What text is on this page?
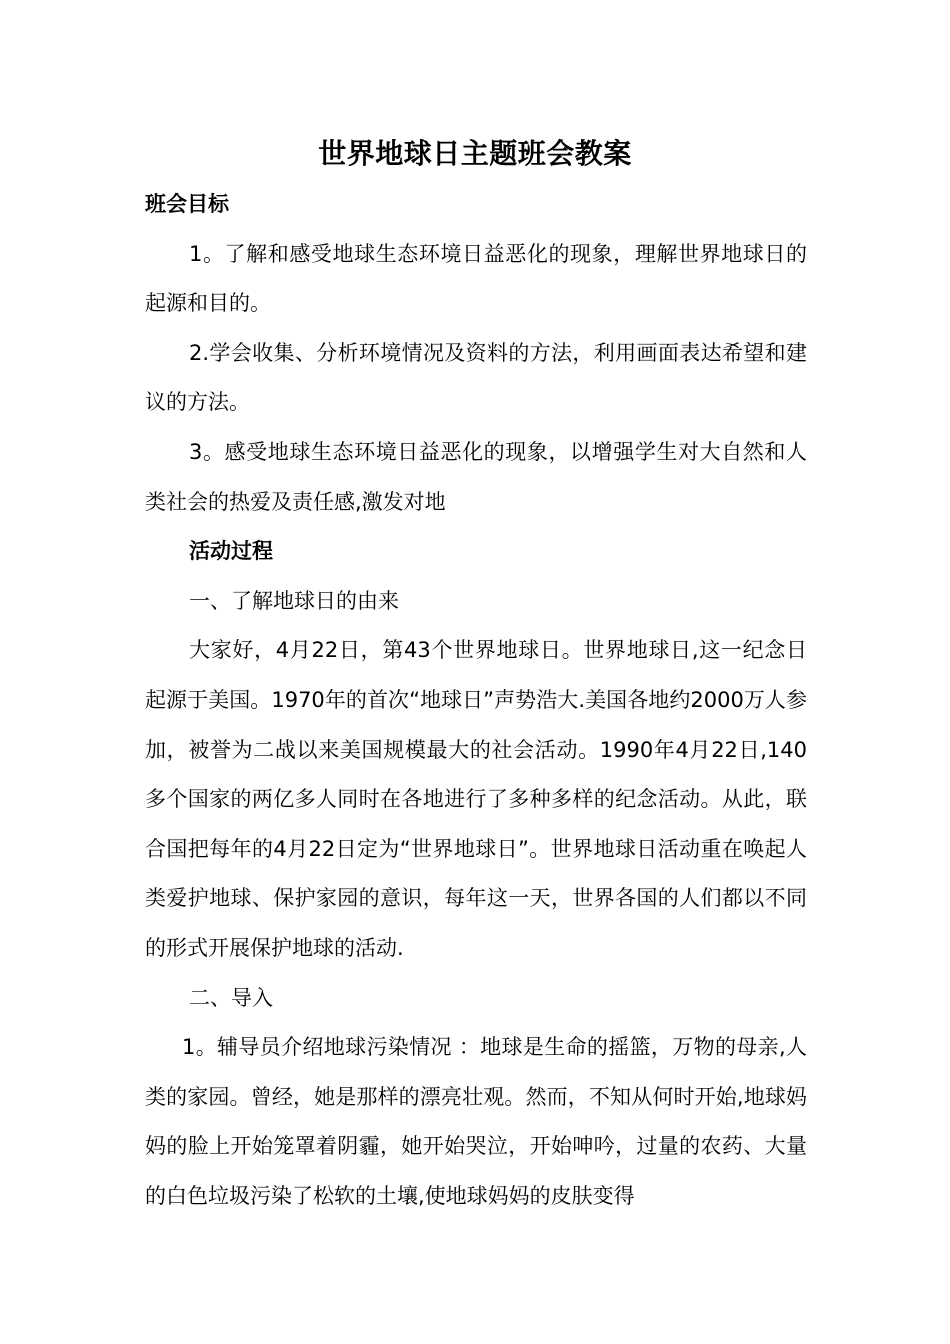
世界地球日主题班会教案

班会目标

1。了解和感受地球生态环境日益恶化的现象，理解世界地球日的起源和目的。

2.学会收集、分析环境情况及资料的方法，利用画面表达希望和建议的方法。

3。感受地球生态环境日益恶化的现象，以增强学生对大自然和人类社会的热爱及责任感,激发对地

活动过程

一、了解地球日的由来

大家好，4月22日，第43个世界地球日。世界地球日,这一纪念日起源于美国。1970年的首次“地球日”声势浩大.美国各地约2000万人参加，被誉为二战以来美国规模最大的社会活动。1990年4月22日,140多个国家的两亿多人同时在各地进行了多种多样的纪念活动。从此，联合国把每年的4月22日定为“世界地球日”。世界地球日活动重在唤起人类爱护地球、保护家园的意识，每年这一天，世界各国的人们都以不同的形式开展保护地球的活动.

二、导入

1。辅导员介绍地球污染情况 ：地球是生命的摇篮，万物的母亲,人类的家园。曾经，她是那样的漂亮壮观。然而，不知从何时开始,地球妈妈的脸上开始笼罩着阴霾，她开始哭泣，开始呻吟，过量的农药、大量的白色垃圾污染了松软的土壤,使地球妈妈的皮肤变得
